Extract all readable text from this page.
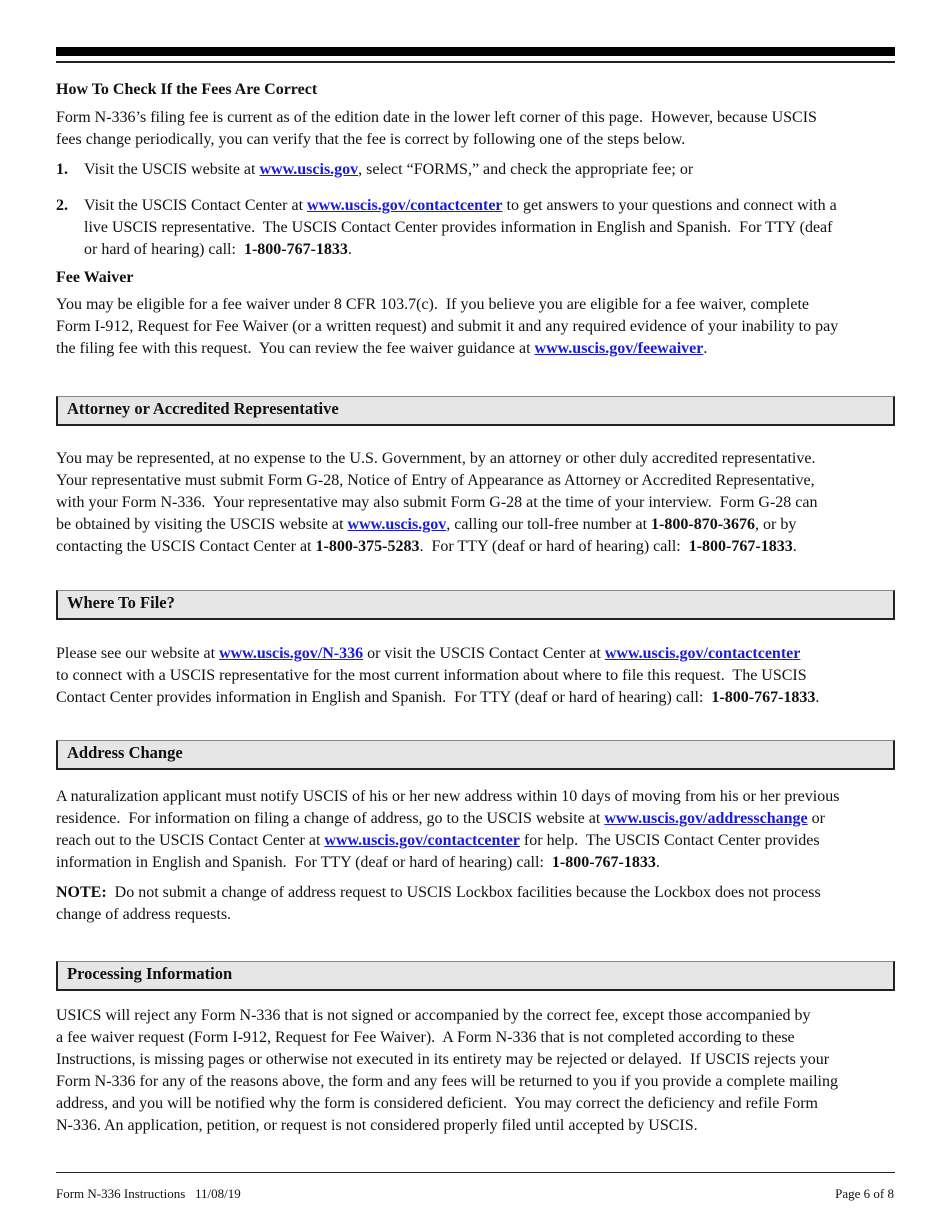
How To Check If the Fees Are Correct
Form N-336’s filing fee is current as of the edition date in the lower left corner of this page.  However, because USCIS
fees change periodically, you can verify that the fee is correct by following one of the steps below.
1. Visit the USCIS website at www.uscis.gov, select “FORMS,” and check the appropriate fee; or
2. Visit the USCIS Contact Center at www.uscis.gov/contactcenter to get answers to your questions and connect with a
live USCIS representative.  The USCIS Contact Center provides information in English and Spanish.  For TTY (deaf
or hard of hearing) call:  1-800-767-1833.
Fee Waiver
You may be eligible for a fee waiver under 8 CFR 103.7(c).  If you believe you are eligible for a fee waiver, complete
Form I-912, Request for Fee Waiver (or a written request) and submit it and any required evidence of your inability to pay
the filing fee with this request.  You can review the fee waiver guidance at www.uscis.gov/feewaiver.
Attorney or Accredited Representative
You may be represented, at no expense to the U.S. Government, by an attorney or other duly accredited representative.
Your representative must submit Form G-28, Notice of Entry of Appearance as Attorney or Accredited Representative,
with your Form N-336.  Your representative may also submit Form G-28 at the time of your interview.  Form G-28 can
be obtained by visiting the USCIS website at www.uscis.gov, calling our toll-free number at 1-800-870-3676, or by
contacting the USCIS Contact Center at 1-800-375-5283.  For TTY (deaf or hard of hearing) call:  1-800-767-1833.
Where To File?
Please see our website at www.uscis.gov/N-336 or visit the USCIS Contact Center at www.uscis.gov/contactcenter
to connect with a USCIS representative for the most current information about where to file this request.  The USCIS
Contact Center provides information in English and Spanish.  For TTY (deaf or hard of hearing) call:  1-800-767-1833.
Address Change
A naturalization applicant must notify USCIS of his or her new address within 10 days of moving from his or her previous
residence.  For information on filing a change of address, go to the USCIS website at www.uscis.gov/addresschange or
reach out to the USCIS Contact Center at www.uscis.gov/contactcenter for help.  The USCIS Contact Center provides
information in English and Spanish.  For TTY (deaf or hard of hearing) call:  1-800-767-1833.
NOTE:  Do not submit a change of address request to USCIS Lockbox facilities because the Lockbox does not process
change of address requests.
Processing Information
USICS will reject any Form N-336 that is not signed or accompanied by the correct fee, except those accompanied by
a fee waiver request (Form I-912, Request for Fee Waiver).  A Form N-336 that is not completed according to these
Instructions, is missing pages or otherwise not executed in its entirety may be rejected or delayed.  If USCIS rejects your
Form N-336 for any of the reasons above, the form and any fees will be returned to you if you provide a complete mailing
address, and you will be notified why the form is considered deficient.  You may correct the deficiency and refile Form
N-336. An application, petition, or request is not considered properly filed until accepted by USCIS.
Form N-336 Instructions   11/08/19	Page 6 of 8
